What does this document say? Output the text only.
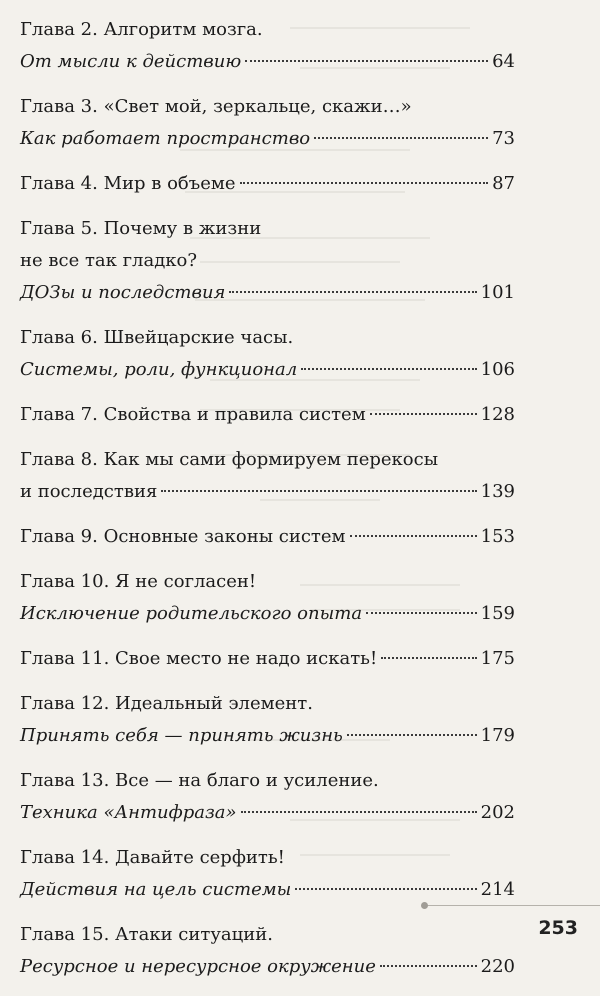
Глава 2. Алгоритм мозга.
От мысли к действию	64
Глава 3. «Свет мой, зеркальце, скажи…»
Как работает пространство	73
Глава 4. Мир в объеме	87
Глава 5. Почему в жизни
не все так гладко?
ДОЗы и последствия	101
Глава 6. Швейцарские часы.
Системы, роли, функционал	106
Глава 7. Свойства и правила систем	128
Глава 8. Как мы сами формируем перекосы
и последствия	139
Глава 9. Основные законы систем	153
Глава 10. Я не согласен!
Исключение родительского опыта	159
Глава 11. Свое место не надо искать!	175
Глава 12. Идеальный элемент.
Принять себя — принять жизнь	179
Глава 13. Все — на благо и усиление.
Техника «Антифраза»	202
Глава 14. Давайте серфить!
Действия на цель системы	214
Глава 15. Атаки ситуаций.
Ресурсное и нересурсное окружение	220
253
